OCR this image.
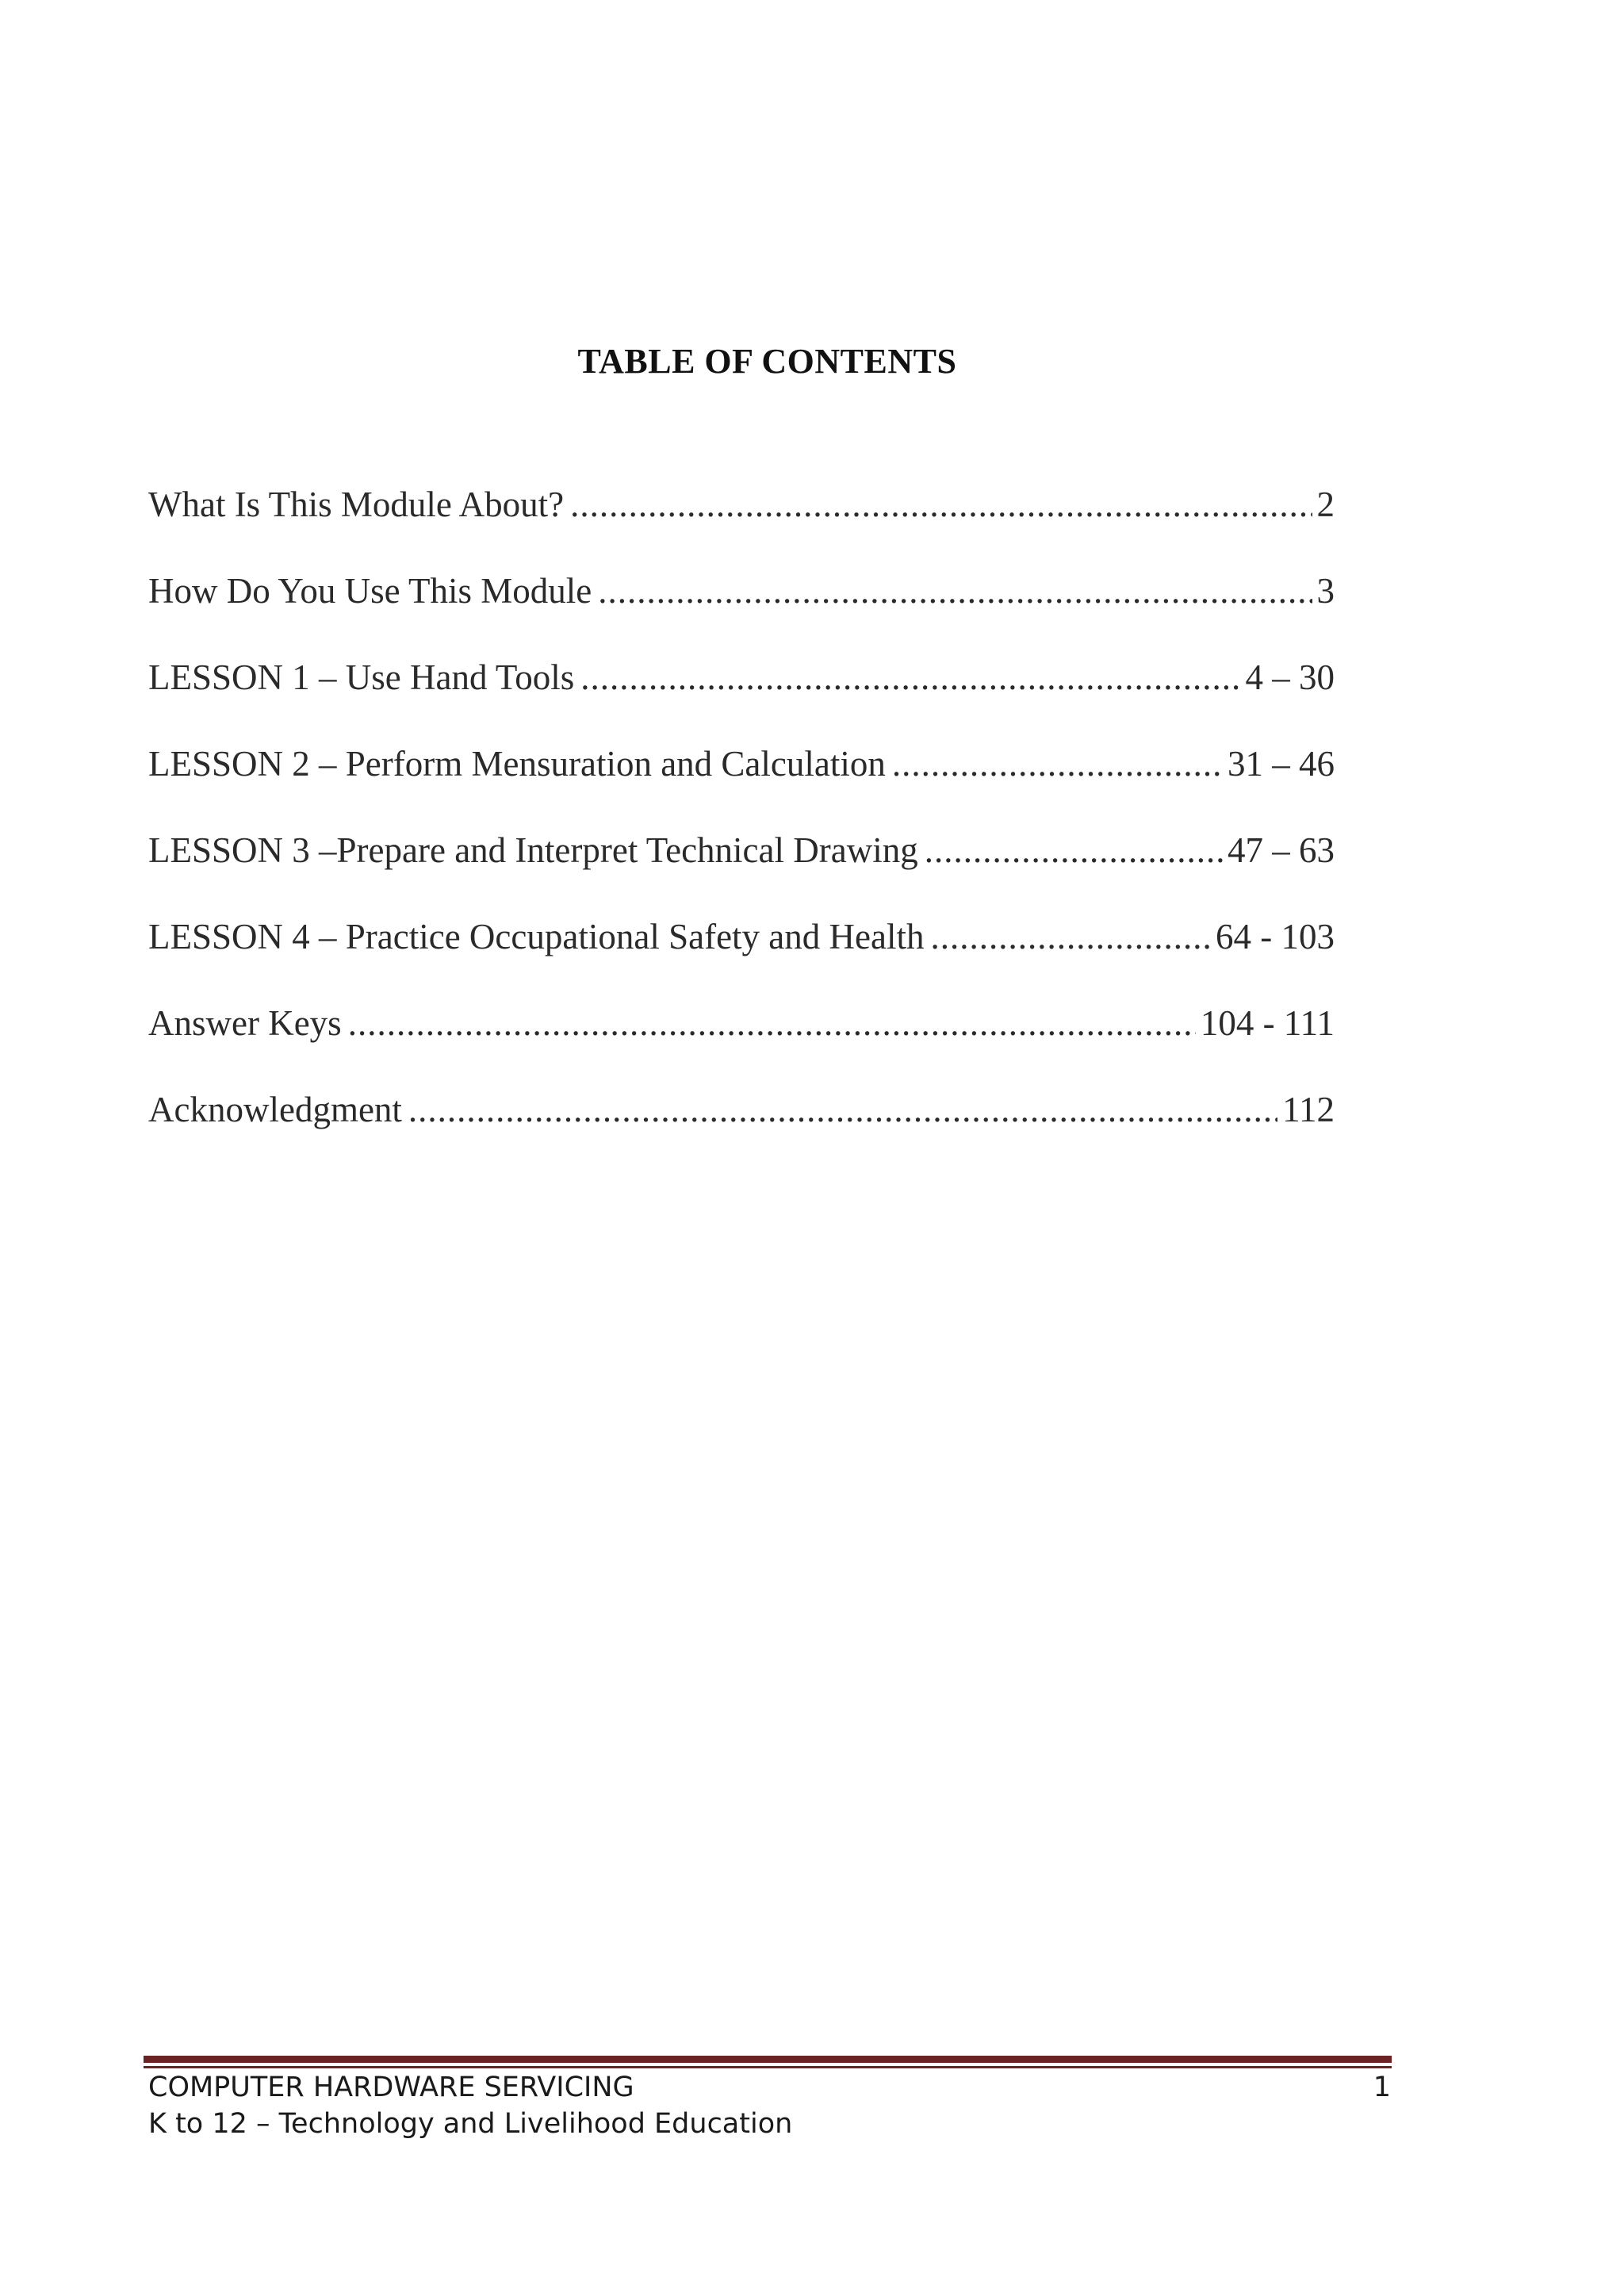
TABLE OF CONTENTS
What Is This Module About? .....	2
How Do You Use This Module .....	3
LESSON 1 – Use Hand Tools .....	4 – 30
LESSON 2 – Perform Mensuration and Calculation .....	31 – 46
LESSON 3 –Prepare and Interpret Technical Drawing .....	47 – 63
LESSON 4 – Practice Occupational Safety and Health .....	64 - 103
Answer Keys .....	104 - 111
Acknowledgment .....	112
COMPUTER HARDWARE SERVICING
K to 12 – Technology and Livelihood Education
1
